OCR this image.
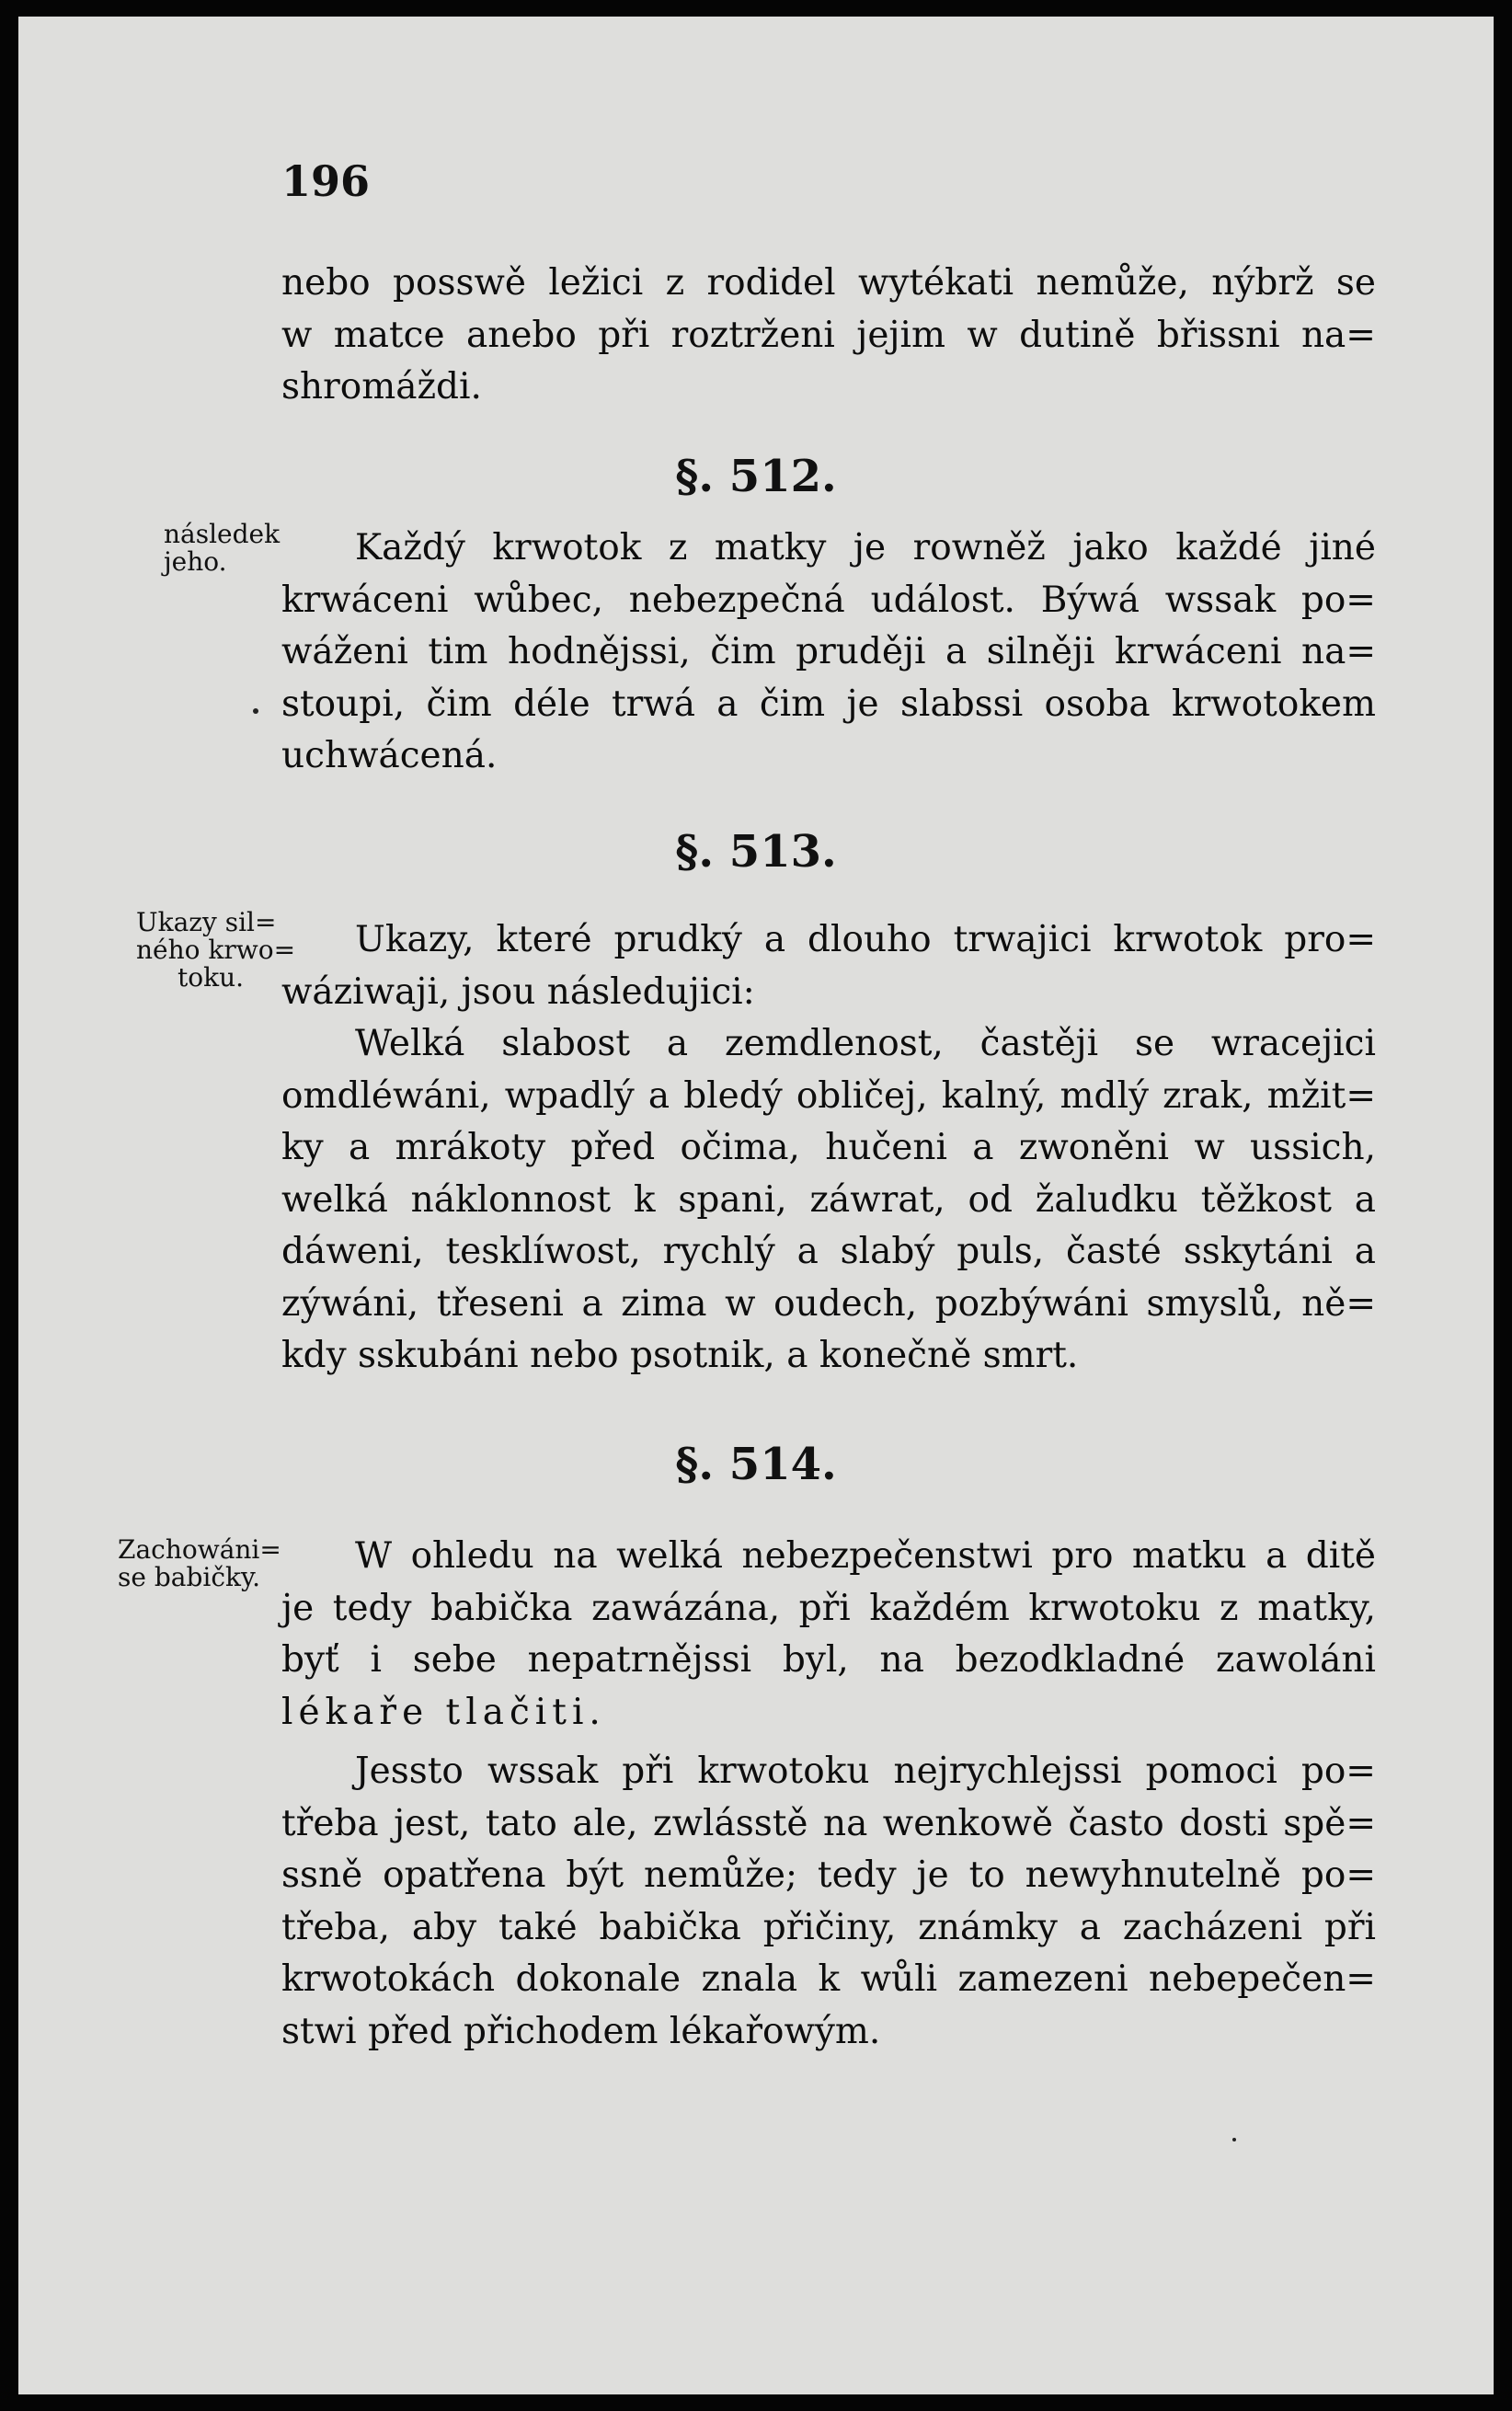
196
nebo posswě ležici z rodidel wytékati nemůže, nýbrž se
w matce anebo při roztrženi jejim w dutině břissni na=
shromáždi.
§. 512.
následek
jeho.	Každý krwotok z matky je rowněž jako každé jiné
krwáceni wůbec, nebezpečná událost. Býwá wssak po=
wáženi tim hodnějssi, čim pruději a silněji krwáceni na=
stoupi, čim déle trwá a čim je slabssi osoba krwotokem
uchwácená.
§. 513.
Ukazy sil=
ného krwo=
toku.
Ukazy, které prudký a dlouho trwajici krwotok pro=
wáziwaji, jsou následujici:
Welká slabost a zemdlenost, častěji se wracejici
omdléwáni, wpadlý a bledý obličej, kalný, mdlý zrak, mžit=
ky a mrákoty před očima, hučeni a zwoněni w ussich,
welká náklonnost k spani, záwrat, od žaludku těžkost a
dáweni, tesklíwost, rychlý a slabý puls, časté sskytáni a
zýwáni, třeseni a zima w oudech, pozbýwáni smyslů, ně=
kdy sskubáni nebo psotnik, a konečně smrt.
§. 514.
Zachowáni=
se babičky.
W ohledu na welká nebezpečenstwi pro matku a ditě
je tedy babička zawázána, při každém krwotoku z matky,
byť i sebe nepatrnějssi byl, na bezodkladné zawoláni
lékaře tlačiti.
Jesstо wssak při krwotoku nejrychlejssi pomoci po=
třeba jest, tato ale, zwlásstě na wenkowě často dosti spě=
ssně opatřena být nemůže; tedy je to newyhnutelně po=
třeba, aby také babička přičiny, známky a zacházeni při
krwotokách dokonale znala k wůli zamezeni nebepečen=
stwi před přichodem lékařowým.
